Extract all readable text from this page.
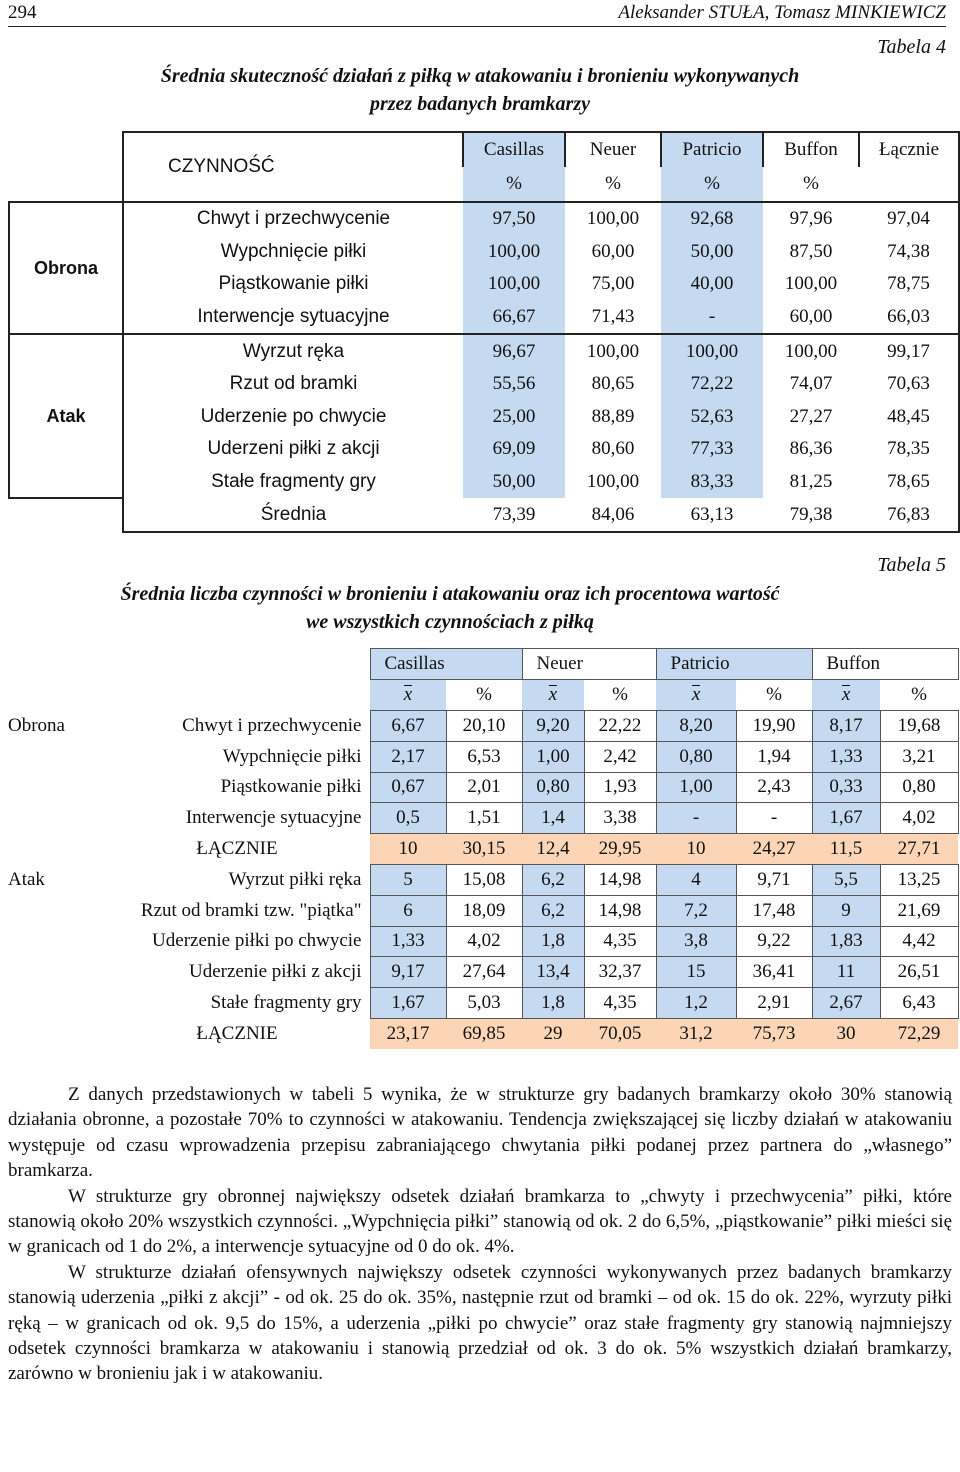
294	Aleksander STUŁA, Tomasz MINKIEWICZ
Tabela 4
Średnia skuteczność działań z piłką w atakowaniu i bronieniu wykonywanych
przez badanych bramkarzy
	CZYNNOŚĆ	Casillas	Neuer	Patricio	Buffon	Łącznie
		%	%	%	%	
Obrona	Chwyt i przechwycenie	97,50	100,00	92,68	97,96	97,04
	Wypchnięcie piłki	100,00	60,00	50,00	87,50	74,38
	Piąstkowanie piłki	100,00	75,00	40,00	100,00	78,75
	Interwencje sytuacyjne	66,67	71,43	-	60,00	66,03
Atak	Wyrzut ręka	96,67	100,00	100,00	100,00	99,17
	Rzut od bramki	55,56	80,65	72,22	74,07	70,63
	Uderzenie po chwycie	25,00	88,89	52,63	27,27	48,45
	Uderzeni piłki z akcji	69,09	80,60	77,33	86,36	78,35
	Stałe fragmenty gry	50,00	100,00	83,33	81,25	78,65
	Średnia	73,39	84,06	63,13	79,38	76,83
Tabela 5
Średnia liczba czynności w bronieniu i atakowaniu oraz ich procentowa wartość
we wszystkich czynnościach z piłką
		Casillas		Neuer		Patricio		Buffon	
		x	%	x	%	x	%	x	%
Obrona	Chwyt i przechwycenie	6,67	20,10	9,20	22,22	8,20	19,90	8,17	19,68
	Wypchnięcie piłki	2,17	6,53	1,00	2,42	0,80	1,94	1,33	3,21
	Piąstkowanie piłki	0,67	2,01	0,80	1,93	1,00	2,43	0,33	0,80
	Interwencje sytuacyjne	0,5	1,51	1,4	3,38	-	-	1,67	4,02
	ŁĄCZNIE	10	30,15	12,4	29,95	10	24,27	11,5	27,71
Atak	Wyrzut piłki ręka	5	15,08	6,2	14,98	4	9,71	5,5	13,25
	Rzut od bramki tzw. "piątka"	6	18,09	6,2	14,98	7,2	17,48	9	21,69
	Uderzenie piłki po chwycie	1,33	4,02	1,8	4,35	3,8	9,22	1,83	4,42
	Uderzenie piłki z akcji	9,17	27,64	13,4	32,37	15	36,41	11	26,51
	Stałe fragmenty gry	1,67	5,03	1,8	4,35	1,2	2,91	2,67	6,43
	ŁĄCZNIE	23,17	69,85	29	70,05	31,2	75,73	30	72,29

Z danych przedstawionych w tabeli 5 wynika, że w strukturze gry badanych bramkarzy około 30% stanowią działania obronne, a pozostałe 70% to czynności w atakowaniu. Tendencja zwiększającej się liczby działań w atakowaniu występuje od czasu wprowadzenia przepisu zabraniającego chwytania piłki podanej przez partnera do „własnego” bramkarza.

W strukturze gry obronnej największy odsetek działań bramkarza to „chwyty i przechwycenia” piłki, które stanowią około 20% wszystkich czynności. „Wypchnięcia piłki” stanowią od ok. 2 do 6,5%, „piąstkowanie” piłki mieści się w granicach od 1 do 2%, a interwencje sytuacyjne od 0 do ok. 4%.

W strukturze działań ofensywnych największy odsetek czynności wykonywanych przez badanych bramkarzy stanowią uderzenia „piłki z akcji” - od ok. 25 do ok. 35%, następnie rzut od bramki – od ok. 15 do ok. 22%, wyrzuty piłki ręką – w granicach od ok. 9,5 do 15%, a uderzenia „piłki po chwycie” oraz stałe fragmenty gry stanowią najmniejszy odsetek czynności bramkarza w atakowaniu i stanowią przedział od ok. 3 do ok. 5% wszystkich działań bramkarzy, zarówno w bronieniu jak i w atakowaniu.
